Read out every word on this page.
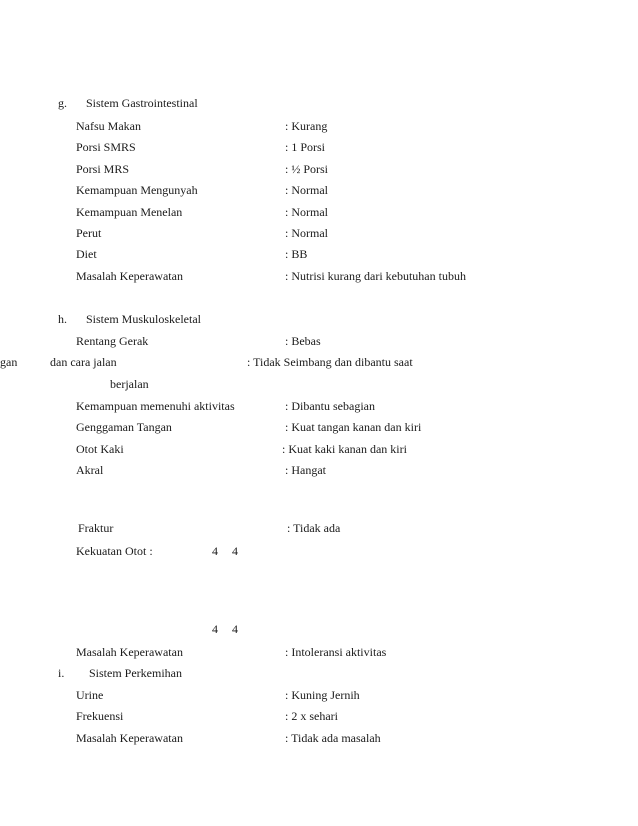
g. Sistem Gastrointestinal
Nafsu Makan	: Kurang
Porsi SMRS	: 1 Porsi
Porsi MRS	: ½ Porsi
Kemampuan Mengunyah	: Normal
Kemampuan Menelan	: Normal
Perut	: Normal
Diet	: BB
Masalah Keperawatan	: Nutrisi kurang dari kebutuhan tubuh
h. Sistem Muskuloskeletal
Rentang Gerak	: Bebas
gan	dan cara jalan	: Tidak Seimbang dan dibantu saat
berjalan
Kemampuan memenuhi aktivitas	: Dibantu sebagian
Genggaman Tangan	: Kuat tangan kanan dan kiri
Otot Kaki	: Kuat kaki kanan dan kiri
Akral	: Hangat
Fraktur	: Tidak ada
Kekuatan Otot :	4 4
4 4
Masalah Keperawatan	: Intoleransi aktivitas
i. Sistem Perkemihan
Urine	: Kuning Jernih
Frekuensi	: 2 x sehari
Masalah Keperawatan	: Tidak ada masalah
